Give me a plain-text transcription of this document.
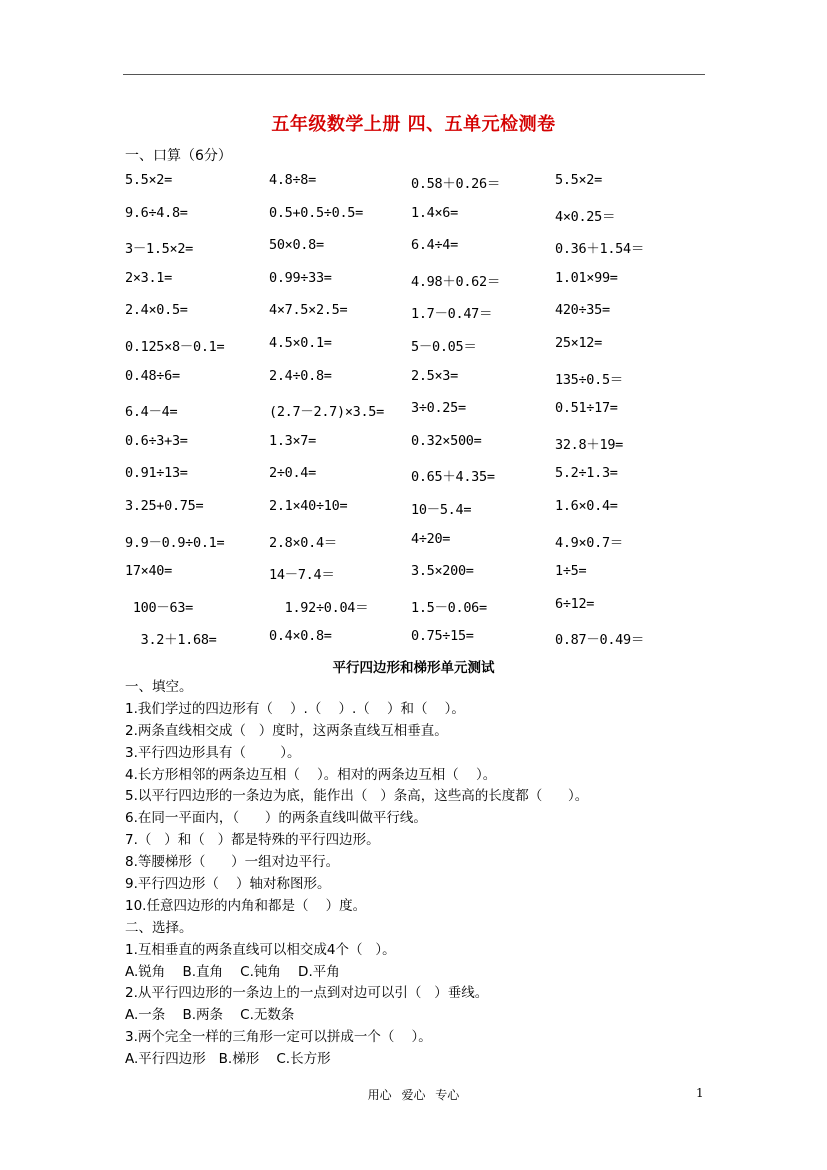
五年级数学上册 四、五单元检测卷
一、口算（6分）
5.5×2=	4.8÷8=	0.58＋0.26＝	5.5×2=
9.6÷4.8=	0.5+0.5÷0.5=	1.4×6=	4×0.25＝
3－1.5×2=	50×0.8=	6.4÷4=	0.36＋1.54＝
2×3.1=	0.99÷33=	4.98＋0.62＝	1.01×99=
2.4×0.5=	4×7.5×2.5=	1.7－0.47＝	420÷35=
0.125×8－0.1=	4.5×0.1=	5－0.05＝	25×12=
0.48÷6=	2.4÷0.8=	2.5×3=	135÷0.5＝
6.4－4=	(2.7－2.7)×3.5= 3÷0.25=	0.51÷17=
0.6÷3+3=	1.3×7=	0.32×500=	32.8＋19=
0.91÷13=	2÷0.4=	0.65＋4.35=	5.2÷1.3=
3.25+0.75=	2.1×40÷10=	10－5.4=	1.6×0.4=
9.9－0.9÷0.1=	2.8×0.4＝	4÷20=	4.9×0.7＝
17×40=	14－7.4＝	3.5×200=	1÷5=
100－63=	1.92÷0.04＝	1.5－0.06=	6÷12=
3.2＋1.68=	0.4×0.8=	0.75÷15=	0.87－0.49＝
平行四边形和梯形单元测试
一、填空。
1.我们学过的四边形有（    ）.（    ）.（    ）和（    ）。
2.两条直线相交成（   ）度时，这两条直线互相垂直。
3.平行四边形具有（        ）。
4.长方形相邻的两条边互相（    ）。相对的两条边互相（    ）。
5.以平行四边形的一条边为底，能作出（   ）条高，这些高的长度都（      ）。
6.在同一平面内，（      ）的两条直线叫做平行线。
7.（   ）和（   ）都是特殊的平行四边形。
8.等腰梯形（      ）一组对边平行。
9.平行四边形（    ）轴对称图形。
10.任意四边形的内角和都是（    ）度。
二、选择。
1.互相垂直的两条直线可以相交成4个（   ）。
A.锐角    B.直角    C.钝角    D.平角
2.从平行四边形的一条边上的一点到对边可以引（   ）垂线。
A.一条    B.两条    C.无数条
3.两个完全一样的三角形一定可以拼成一个（    ）。
A.平行四边形   B.梯形    C.长方形
用心 爱心 专心	1
